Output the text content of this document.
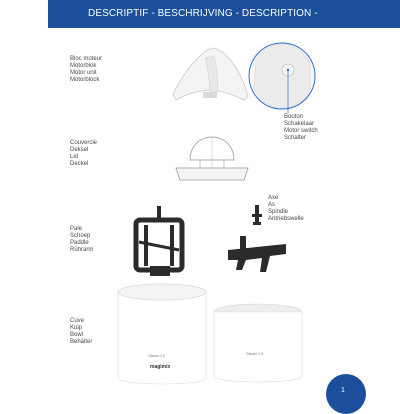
DESCRIPTIF - BESCHRIJVING - DESCRIPTION - BESCHREIBUNG
Bloc moteur
Motorblok
Motor unit
Motorblock
Bouton
Schakelaar
Motor switch
Schalter
Couvercle
Deksel
Lid
Deckel
Axe
As
Spindle
Antriebswelle
Pale
Schoep
Paddle
Rührarm
Cuve
Kuip
Bowl
Behälter
Glacier 1.5
magimix
Glacier 1.5
1
